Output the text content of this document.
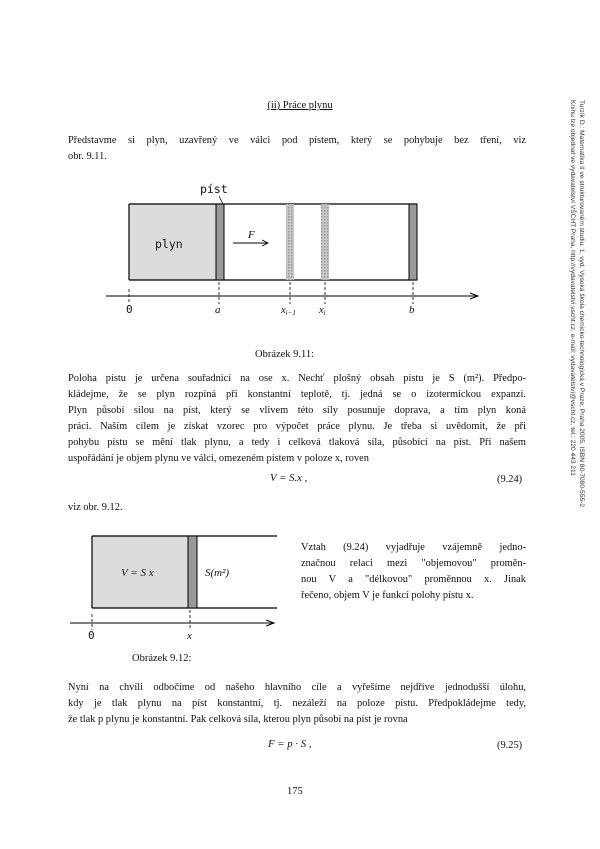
(ii) Práce plynu
Představme si plyn, uzavřený ve válci pod pístem, který se pohybuje bez tření, viz
obr. 9.11.
píst
plyn
F
0	a	xi−1 xi	b
V = S x	S(m²)
0	x
Obrázek 9.11:
Poloha pístu je určena souřadnicí na ose x. Nechť plošný obsah pístu je S (m²). Předpo-
kládejme, že se plyn rozpíná při konstantní teplotě, tj. jedná se o izotermickou expanzi.
Plyn působí silou na píst, který se vlivem této síly posunuje doprava, a tím plyn koná
práci. Naším cílem je získat vzorec pro výpočet práce plynu. Je třeba si uvědomit, že při
pohybu pístu se mění tlak plynu, a tedy i celková tlaková síla, působící na píst. Při našem
uspořádání je objem plynu ve válci, omezeném pístem v poloze x, roven
V = S.x ,	(9.24)
viz obr. 9.12.
Vztah (9.24) vyjadřuje vzájemně jedno-
značnou relaci mezi "objemovou" proměn-
nou V a "délkovou" proměnnou x. Jinak
řečeno, objem V je funkcí polohy pístu x.
Obrázek 9.12:
Nyní na chvíli odbočíme od našeho hlavního cíle a vyřešíme nejdříve jednodušší úlohu,
kdy je tlak plynu na píst konstantní, tj. nezáleží na poloze pístu. Předpokládejme tedy,
že tlak p plynu je konstantní. Pak celková síla, kterou plyn působí na píst je rovna
F = p · S ,	(9.25)
175
Turzík D.: Matematika II ve strukturovaném studiu. 1. vyd. Vysoká škola chemicko-technologická v Praze, Praha 2005. ISBN 80-7080-555-2
Knihu lze objednat ve vydavatelství VŠCHT Praha, http://vydavatelstvi.vscht.cz, e-mail: vydavatelstvi@vscht.cz, tel.: 220 443 211
